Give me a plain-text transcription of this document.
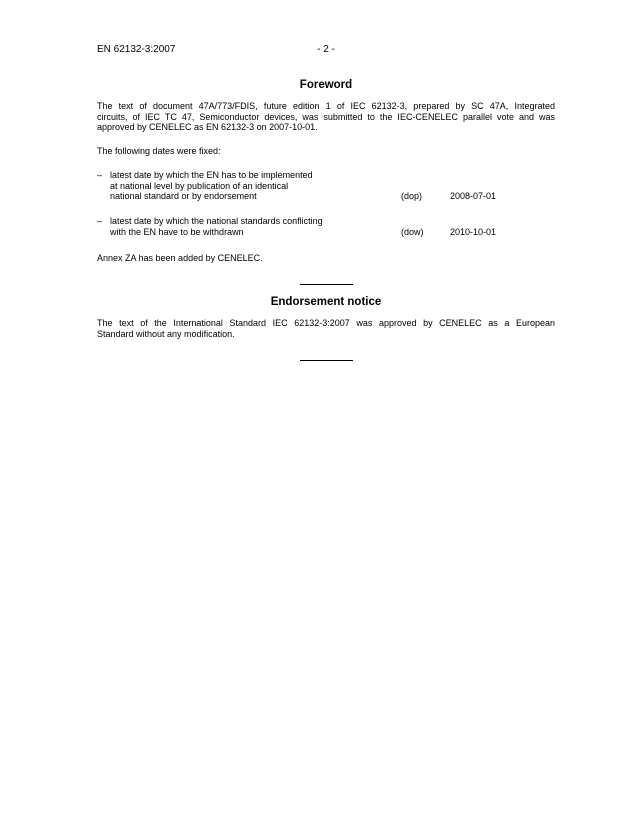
EN 62132-3:2007	- 2 -
Foreword
The text of document 47A/773/FDIS, future edition 1 of IEC 62132-3, prepared by SC 47A, Integrated
circuits, of IEC TC 47, Semiconductor devices, was submitted to the IEC-CENELEC parallel vote and was
approved by CENELEC as EN 62132-3 on 2007-10-01.
The following dates were fixed:
– latest date by which the EN has to be implemented
at national level by publication of an identical
national standard or by endorsement	(dop)	2008-07-01
– latest date by which the national standards conflicting
with the EN have to be withdrawn	(dow)	2010-10-01
Annex ZA has been added by CENELEC.
Endorsement notice
The text of the International Standard IEC 62132-3:2007 was approved by CENELEC as a European
Standard without any modification.
